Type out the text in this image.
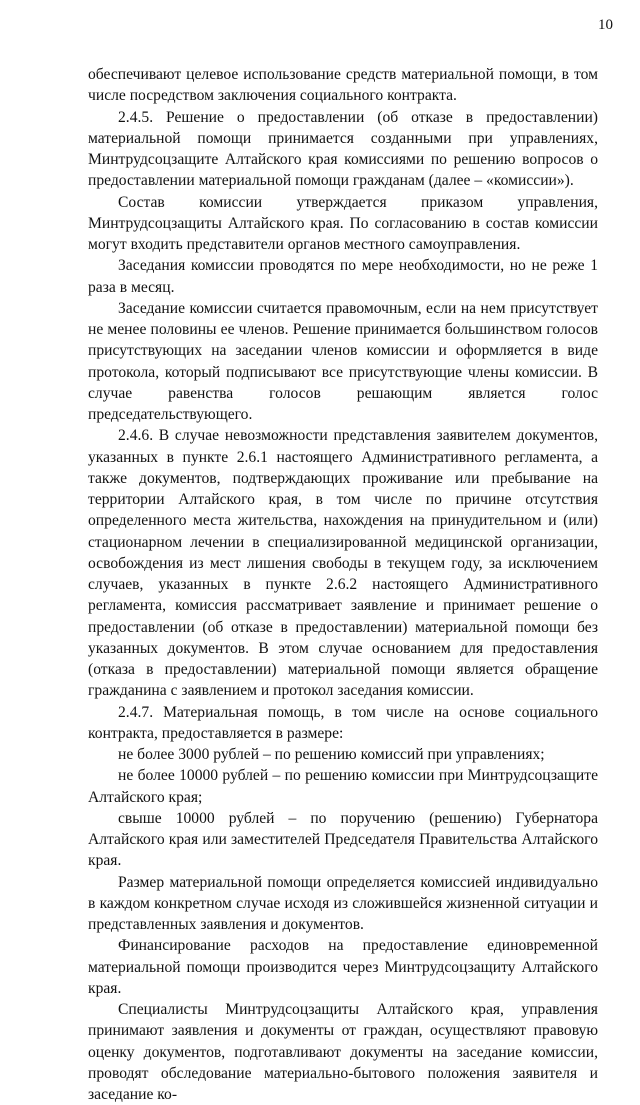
10

обеспечивают целевое использование средств материальной помощи, в том числе посредством заключения социального контракта.

2.4.5. Решение о предоставлении (об отказе в предоставлении) материальной помощи принимается созданными при управлениях, Минтрудсоцзащите Алтайского края комиссиями по решению вопросов о предоставлении материальной помощи гражданам (далее – «комиссии»).

Состав комиссии утверждается приказом управления, Минтрудсоцзащиты Алтайского края. По согласованию в состав комиссии могут входить представители органов местного самоуправления.

Заседания комиссии проводятся по мере необходимости, но не реже 1 раза в месяц.

Заседание комиссии считается правомочным, если на нем присутствует не менее половины ее членов. Решение принимается большинством голосов присутствующих на заседании членов комиссии и оформляется в виде протокола, который подписывают все присутствующие члены комиссии. В случае равенства голосов решающим является голос председательствующего.

2.4.6. В случае невозможности представления заявителем документов, указанных в пункте 2.6.1 настоящего Административного регламента, а также документов, подтверждающих проживание или пребывание на территории Алтайского края, в том числе по причине отсутствия определенного места жительства, нахождения на принудительном и (или) стационарном лечении в специализированной медицинской организации, освобождения из мест лишения свободы в текущем году, за исключением случаев, указанных в пункте 2.6.2 настоящего Административного регламента, комиссия рассматривает заявление и принимает решение о предоставлении (об отказе в предоставлении) материальной помощи без указанных документов. В этом случае основанием для предоставления (отказа в предоставлении) материальной помощи является обращение гражданина с заявлением и протокол заседания комиссии.

2.4.7. Материальная помощь, в том числе на основе социального контракта, предоставляется в размере:

не более 3000 рублей – по решению комиссий при управлениях;

не более 10000 рублей – по решению комиссии при Минтрудсоцзащите Алтайского края;

свыше 10000 рублей – по поручению (решению) Губернатора Алтайского края или заместителей Председателя Правительства Алтайского края.

Размер материальной помощи определяется комиссией индивидуально в каждом конкретном случае исходя из сложившейся жизненной ситуации и представленных заявления и документов.

Финансирование расходов на предоставление единовременной материальной помощи производится через Минтрудсоцзащиту Алтайского края.

Специалисты Минтрудсоцзащиты Алтайского края, управления принимают заявления и документы от граждан, осуществляют правовую оценку документов, подготавливают документы на заседание комиссии, проводят обследование материально-бытового положения заявителя и заседание ко-
